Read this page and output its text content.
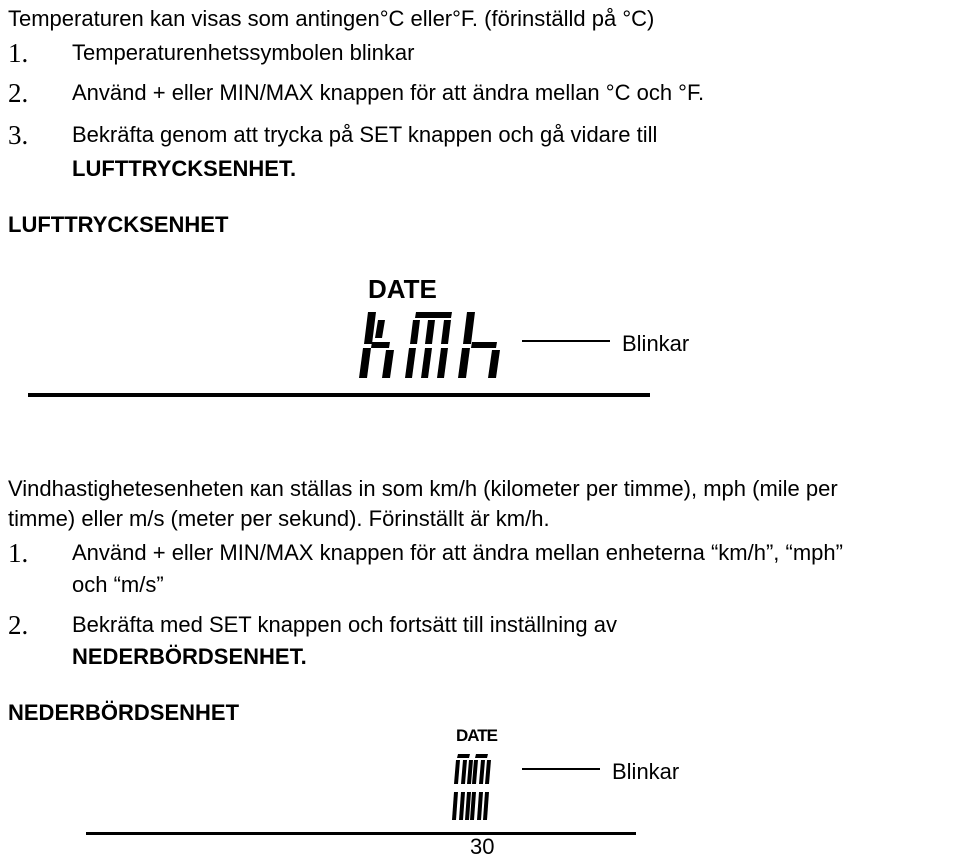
Temperaturen kan visas som antingen°C eller°F. (förinställd på °C)
1. Temperaturenhetssymbolen blinkar
2. Använd + eller MIN/MAX knappen för att ändra mellan °C och °F.
3. Bekräfta genom att trycka på SET knappen och gå vidare till
LUFTTRYCKSENHET.
LUFTTRYCKSENHET
DATE
Blinkar
Vindhastighetesenheten кan ställas in som km/h (kilometer per timme), mph (mile per
timme) eller m/s (meter per sekund). Förinställt är km/h.
1. Använd + eller MIN/MAX knappen för att ändra mellan enheterna “km/h”, “mph”
och “m/s”
2. Bekräfta med SET knappen och fortsätt till inställning av
NEDERBÖRDSENHET.
NEDERBÖRDSENHET
DATE
Blinkar
30
